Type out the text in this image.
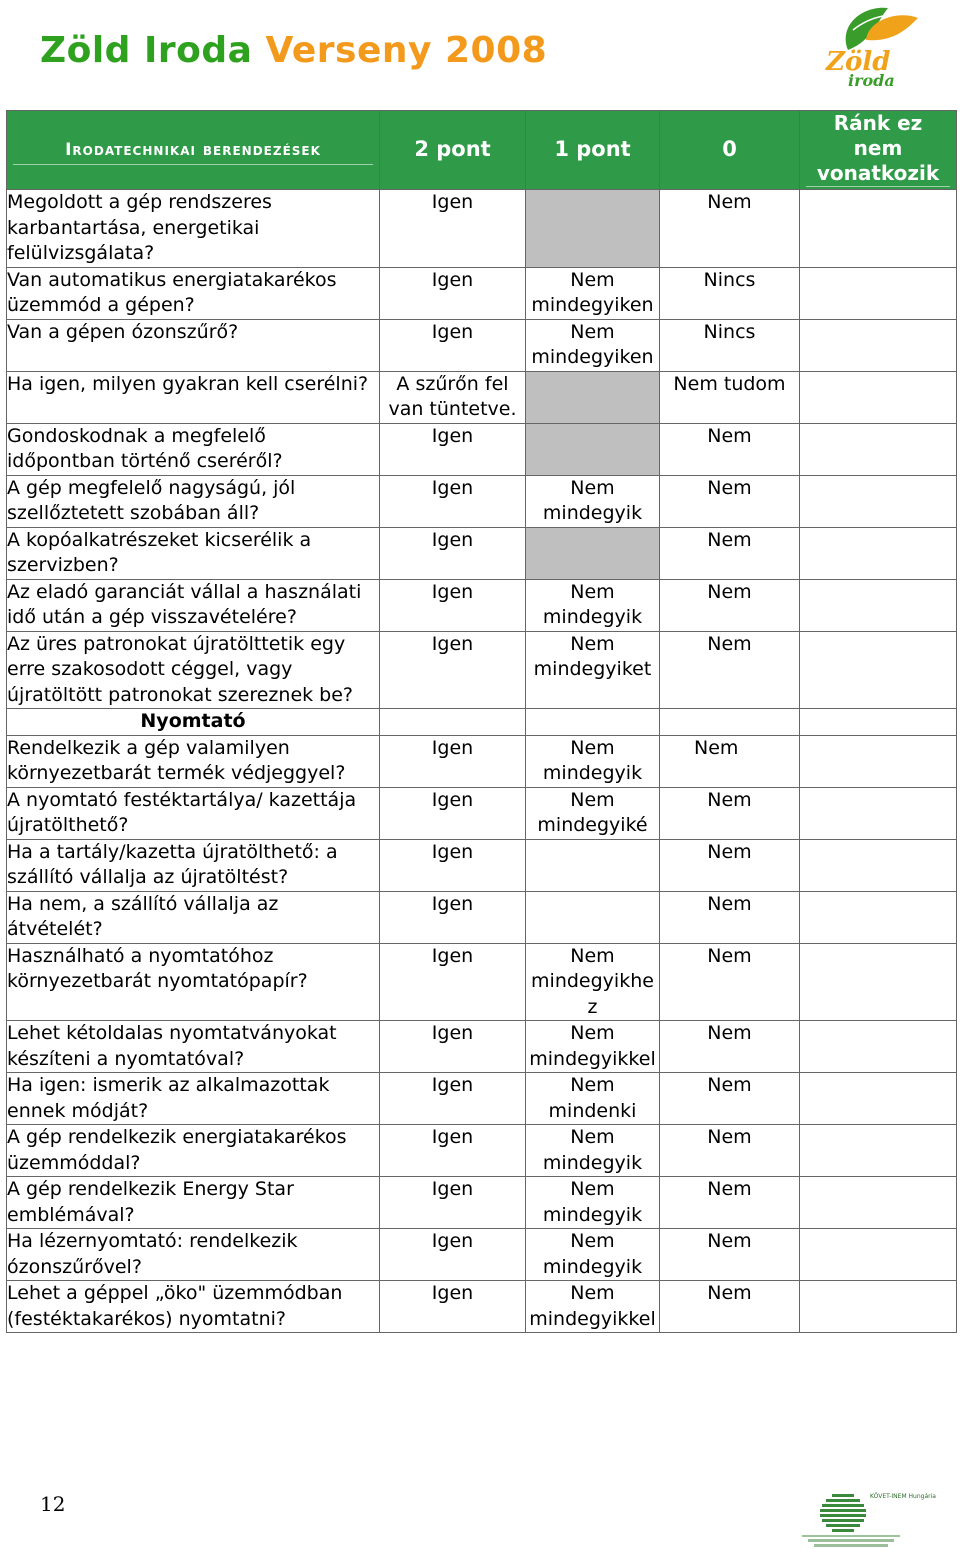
Zöld Iroda Verseny 2008	Zöld
iroda
Irodatechnikai berendezések	2 pont	1 pont	0	Ránk ez nem vonatkozik

Megoldott a gép rendszeres karbantartása, energetikai felülvizsgálata?	Igen		Nem	
Van automatikus energiatakarékos üzemmód a gépen?	Igen	Nem mindegyiken	Nincs	
Van a gépen ózonszűrő?	Igen	Nem mindegyiken	Nincs	
Ha igen, milyen gyakran kell cserélni?	A szűrőn fel van tüntetve.		Nem tudom	
Gondoskodnak a megfelelő időpontban történő cseréről?	Igen		Nem	
A gép megfelelő nagyságú, jól szellőztetett szobában áll?	Igen	Nem mindegyik	Nem	
A kopóalkatrészeket kicserélik a szervizben?	Igen		Nem	
Az eladó garanciát vállal a használati idő után a gép visszavételére?	Igen	Nem mindegyik	Nem	
Az üres patronokat újratölttetik egy erre szakosodott céggel, vagy újratöltött patronokat szereznek be?	Igen	Nem mindegyiket	Nem	
Nyomtató				
Rendelkezik a gép valamilyen környezetbarát termék védjeggyel?	Igen	Nem mindegyik	Nem	
A nyomtató festéktartálya/ kazettája újratölthető?	Igen	Nem mindegyiké	Nem	
Ha a tartály/kazetta újratölthető: a szállító vállalja az újratöltést?	Igen		Nem	
Ha nem, a szállító vállalja az átvételét?	Igen		Nem	
Használható a nyomtatóhoz környezetbarát nyomtatópapír?	Igen	Nem mindegyikhe z	Nem	
Lehet kétoldalas nyomtatványokat készíteni a nyomtatóval?	Igen	Nem mindegyikkel	Nem	
Ha igen: ismerik az alkalmazottak ennek módját?	Igen	Nem mindenki	Nem	
A gép rendelkezik energiatakarékos üzemmóddal?	Igen	Nem mindegyik	Nem	
A gép rendelkezik Energy Star emblémával?	Igen	Nem mindegyik	Nem	
Ha lézernyomtató: rendelkezik ózonszűrővel?	Igen	Nem mindegyik	Nem	
Lehet a géppel „öko" üzemmódban (festéktakarékos) nyomtatni?	Igen	Nem mindegyikkel	Nem	
12	KÖVET-INEM Hungária
